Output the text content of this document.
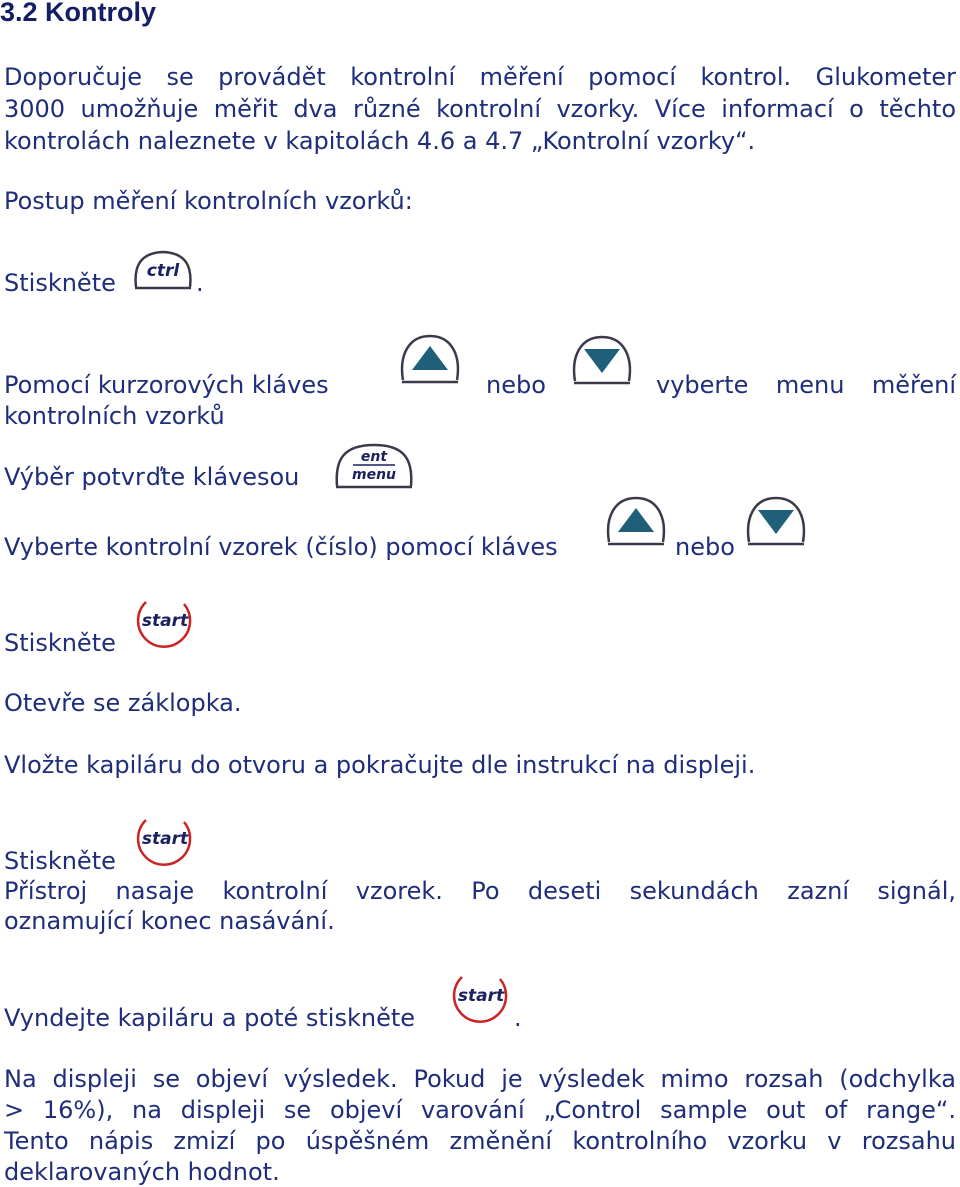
3.2 Kontroly
Doporučuje se provádět kontrolní měření pomocí kontrol. Glukometer
3000 umožňuje měřit dva různé kontrolní vzorky. Více informací o těchto
kontrolách naleznete v kapitolách 4.6 a 4.7 „Kontrolní vzorky“.
Postup měření kontrolních vzorků:
Stiskněte ctrl .
Pomocí kurzorových kláves	nebo	vyberte menu měření
kontrolních vzorků
Výběr potvrďte klávesou
ent
menu
Vyberte kontrolní vzorek (číslo) pomocí kláves	nebo
Stiskněte
start
Otevře se záklopka.
Vložte kapiláru do otvoru a pokračujte dle instrukcí na displeji.
Stiskněte
start
Přístroj nasaje kontrolní vzorek. Po deseti sekundách zazní signál,
oznamující konec nasávání.
Vyndejte kapiláru a poté stiskněte
start
.
Na displeji se objeví výsledek. Pokud je výsledek mimo rozsah (odchylka
> 16%), na displeji se objeví varování „Control sample out of range“.
Tento nápis zmizí po úspěšném změnění kontrolního vzorku v rozsahu
deklarovaných hodnot.
